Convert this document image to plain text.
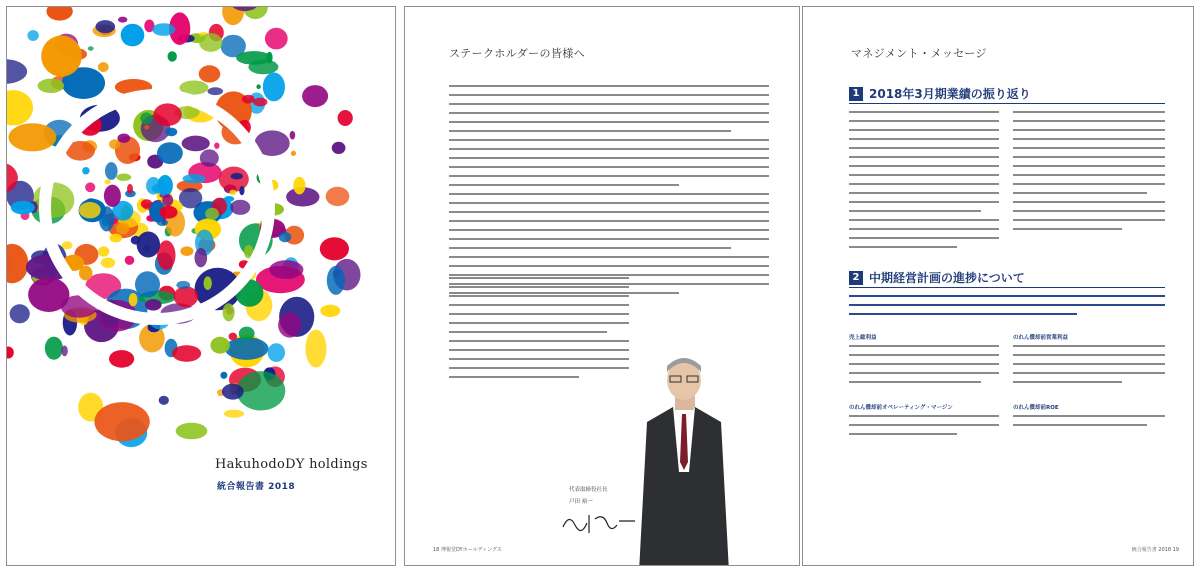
HakuhodoDY holdings
統合報告書 2018
ステークホルダーの皆様へ
代表取締役社長
戸田 裕一
18 博報堂DYホールディングス
マネジメント・メッセージ
1 2018年3月期業績の振り返り
2 中期経営計画の進捗について
売上総利益	のれん償却前営業利益
のれん償却前オペレーティング・マージン	のれん償却前ROE
統合報告書 2018 19
